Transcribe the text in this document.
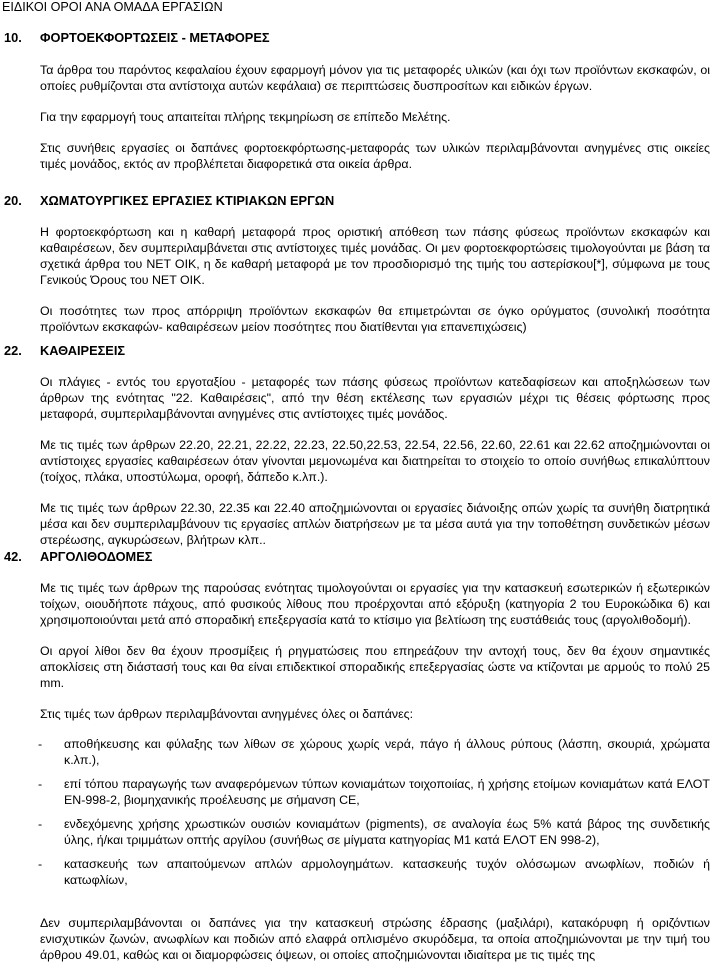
ΕΙΔΙΚΟΙ ΟΡΟΙ ΑΝΑ ΟΜΑΔΑ ΕΡΓΑΣΙΩΝ
10. ΦΟΡΤΟΕΚΦΟΡΤΩΣΕΙΣ - ΜΕΤΑΦΟΡΕΣ

Τα άρθρα του παρόντος κεφαλαίου έχουν εφαρμογή μόνον για τις μεταφορές υλικών (και όχι των προϊόντων εκσκαφών, οι οποίες ρυθμίζονται στα αντίστοιχα αυτών κεφάλαια) σε περιπτώσεις δυσπροσίτων και ειδικών έργων.

Για την εφαρμογή τους απαιτείται πλήρης τεκμηρίωση σε επίπεδο Μελέτης.

Στις συνήθεις εργασίες οι δαπάνες φορτοεκφόρτωσης-μεταφοράς των υλικών περιλαμβάνονται ανηγμένες στις οικείες τιμές μονάδος, εκτός αν προβλέπεται διαφορετικά στα οικεία άρθρα.

20. ΧΩΜΑΤΟΥΡΓΙΚΕΣ ΕΡΓΑΣΙΕΣ ΚΤΙΡΙΑΚΩΝ ΕΡΓΩΝ

Η φορτοεκφόρτωση και η καθαρή μεταφορά προς οριστική απόθεση των πάσης φύσεως προϊόντων εκσκαφών και καθαιρέσεων, δεν συμπεριλαμβάνεται στις αντίστοιχες τιμές μονάδας. Οι μεν φορτοεκφορτώσεις τιμολογούνται με βάση τα σχετικά άρθρα του ΝΕΤ ΟΙΚ, η δε καθαρή μεταφορά με τον προσδιορισμό της τιμής του αστερίσκου[*], σύμφωνα με τους Γενικούς Όρους του ΝΕΤ ΟΙΚ.

Οι ποσότητες των προς απόρριψη προϊόντων εκσκαφών θα επιμετρώνται σε όγκο ορύγματος (συνολική ποσότητα προϊόντων εκσκαφών- καθαιρέσεων μείον ποσότητες που διατίθενται για επανεπιχώσεις)

22. ΚΑΘΑΙΡΕΣΕΙΣ

Οι πλάγιες - εντός του εργοταξίου - μεταφορές των πάσης φύσεως προϊόντων κατεδαφίσεων και αποξηλώσεων των άρθρων της ενότητας "22. Καθαιρέσεις", από την θέση εκτέλεσης των εργασιών μέχρι τις θέσεις φόρτωσης προς μεταφορά, συμπεριλαμβάνονται ανηγμένες στις αντίστοιχες τιμές μονάδος.

Με τις τιμές των άρθρων 22.20, 22.21, 22.22, 22.23, 22.50,22.53, 22.54, 22.56, 22.60, 22.61 και 22.62 αποζημιώνονται οι αντίστοιχες εργασίες καθαιρέσεων όταν γίνονται μεμονωμένα και διατηρείται το στοιχείο το οποίο συνήθως επικαλύπτουν (τοίχος, πλάκα, υποστύλωμα, οροφή, δάπεδο κ.λπ.).

Με τις τιμές των άρθρων 22.30, 22.35 και 22.40 αποζημιώνονται οι εργασίες διάνοιξης οπών χωρίς τα συνήθη διατρητικά μέσα και δεν συμπεριλαμβάνουν τις εργασίες απλών διατρήσεων με τα μέσα αυτά για την τοποθέτηση συνδετικών μέσων στερέωσης, αγκυρώσεων, βλήτρων κλπ..

42. ΑΡΓΟΛΙΘΟΔΟΜΕΣ

Με τις τιμές των άρθρων της παρούσας ενότητας τιμολογούνται οι εργασίες για την κατασκευή εσωτερικών ή εξωτερικών τοίχων, οιουδήποτε πάχους, από φυσικούς λίθους που προέρχονται από εξόρυξη (κατηγορία 2 του Ευροκώδικα 6) και χρησιμοποιούνται μετά από σποραδική επεξεργασία κατά το κτίσιμο για βελτίωση της ευστάθειάς τους (αργολιθοδομή).

Οι αργοί λίθοι δεν θα έχουν προσμίξεις ή ρηγματώσεις που επηρεάζουν την αντοχή τους, δεν θα έχουν σημαντικές αποκλίσεις στη διάστασή τους και θα είναι επιδεκτικοί σποραδικής επεξεργασίας ώστε να κτίζονται με αρμούς το πολύ 25 mm.

Στις τιμές των άρθρων περιλαμβάνονται ανηγμένες όλες οι δαπάνες:

- αποθήκευσης και φύλαξης των λίθων σε χώρους χωρίς νερά, πάγο ή άλλους ρύπους (λάσπη, σκουριά, χρώματα κ.λπ.),
- επί τόπου παραγωγής των αναφερόμενων τύπων κονιαμάτων τοιχοποιίας, ή χρήσης ετοίμων κονιαμάτων κατά ΕΛΟΤ ΕΝ-998-2, βιομηχανικής προέλευσης με σήμανση CE,
- ενδεχόμενης χρήσης χρωστικών ουσιών κονιαμάτων (pigments), σε αναλογία έως 5% κατά βάρος της συνδετικής ύλης, ή/και τριμμάτων οπτής αργίλου (συνήθως σε μίγματα κατηγορίας Μ1 κατά ΕΛΟΤ ΕΝ 998-2),
- κατασκευής των απαιτούμενων απλών αρμολογημάτων. κατασκευής τυχόν ολόσωμων ανωφλίων, ποδιών ή κατωφλίων,

Δεν συμπεριλαμβάνονται οι δαπάνες για την κατασκευή στρώσης έδρασης (μαξιλάρι), κατακόρυφη ή οριζόντιων ενισχυτικών ζωνών, ανωφλίων και ποδιών από ελαφρά οπλισμένο σκυρόδεμα, τα οποία αποζημιώνονται με την τιμή του άρθρου 49.01, καθώς και οι διαμορφώσεις όψεων, οι οποίες αποζημιώνονται ιδιαίτερα με τις τιμές της
